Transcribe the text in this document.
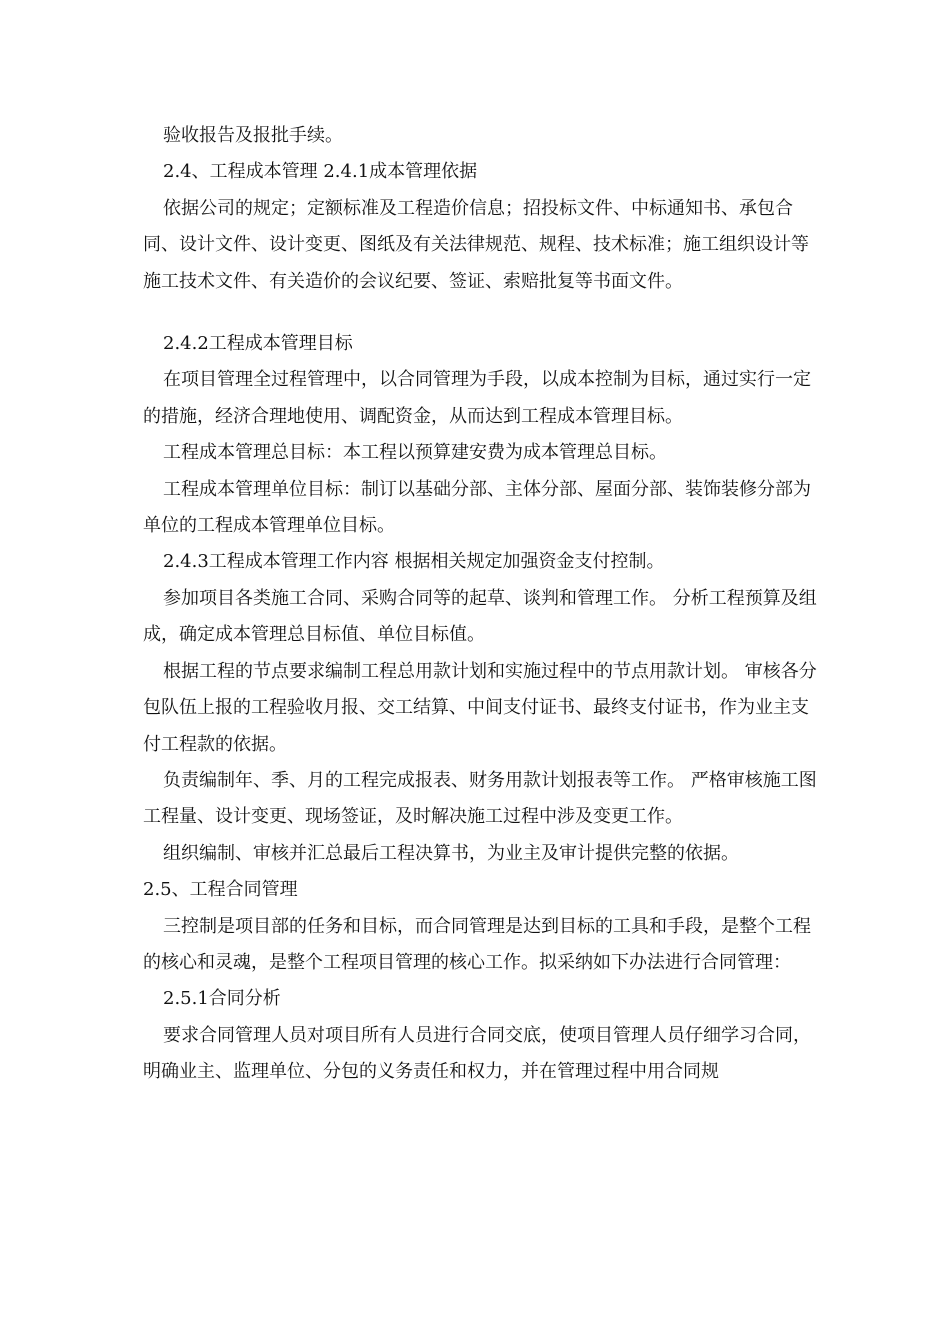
验收报告及报批手续。

2.4、工程成本管理 2.4.1成本管理依据

依据公司的规定；定额标准及工程造价信息；招投标文件、中标通知书、承包合同、设计文件、设计变更、图纸及有关法律规范、规程、技术标准；施工组织设计等施工技术文件、有关造价的会议纪要、签证、索赔批复等书面文件。

2.4.2工程成本管理目标

在项目管理全过程管理中，以合同管理为手段，以成本控制为目标，通过实行一定的措施，经济合理地使用、调配资金，从而达到工程成本管理目标。

工程成本管理总目标：本工程以预算建安费为成本管理总目标。

工程成本管理单位目标：制订以基础分部、主体分部、屋面分部、装饰装修分部为单位的工程成本管理单位目标。

2.4.3工程成本管理工作内容 根据相关规定加强资金支付控制。

参加项目各类施工合同、采购合同等的起草、谈判和管理工作。 分析工程预算及组成，确定成本管理总目标值、单位目标值。

根据工程的节点要求编制工程总用款计划和实施过程中的节点用款计划。 审核各分包队伍上报的工程验收月报、交工结算、中间支付证书、最终支付证书，作为业主支付工程款的依据。

负责编制年、季、月的工程完成报表、财务用款计划报表等工作。 严格审核施工图工程量、设计变更、现场签证，及时解决施工过程中涉及变更工作。

组织编制、审核并汇总最后工程决算书，为业主及审计提供完整的依据。

2.5、工程合同管理

三控制是项目部的任务和目标，而合同管理是达到目标的工具和手段，是整个工程的核心和灵魂，是整个工程项目管理的核心工作。拟采纳如下办法进行合同管理：

2.5.1合同分析

要求合同管理人员对项目所有人员进行合同交底，使项目管理人员仔细学习合同，明确业主、监理单位、分包的义务责任和权力，并在管理过程中用合同规
